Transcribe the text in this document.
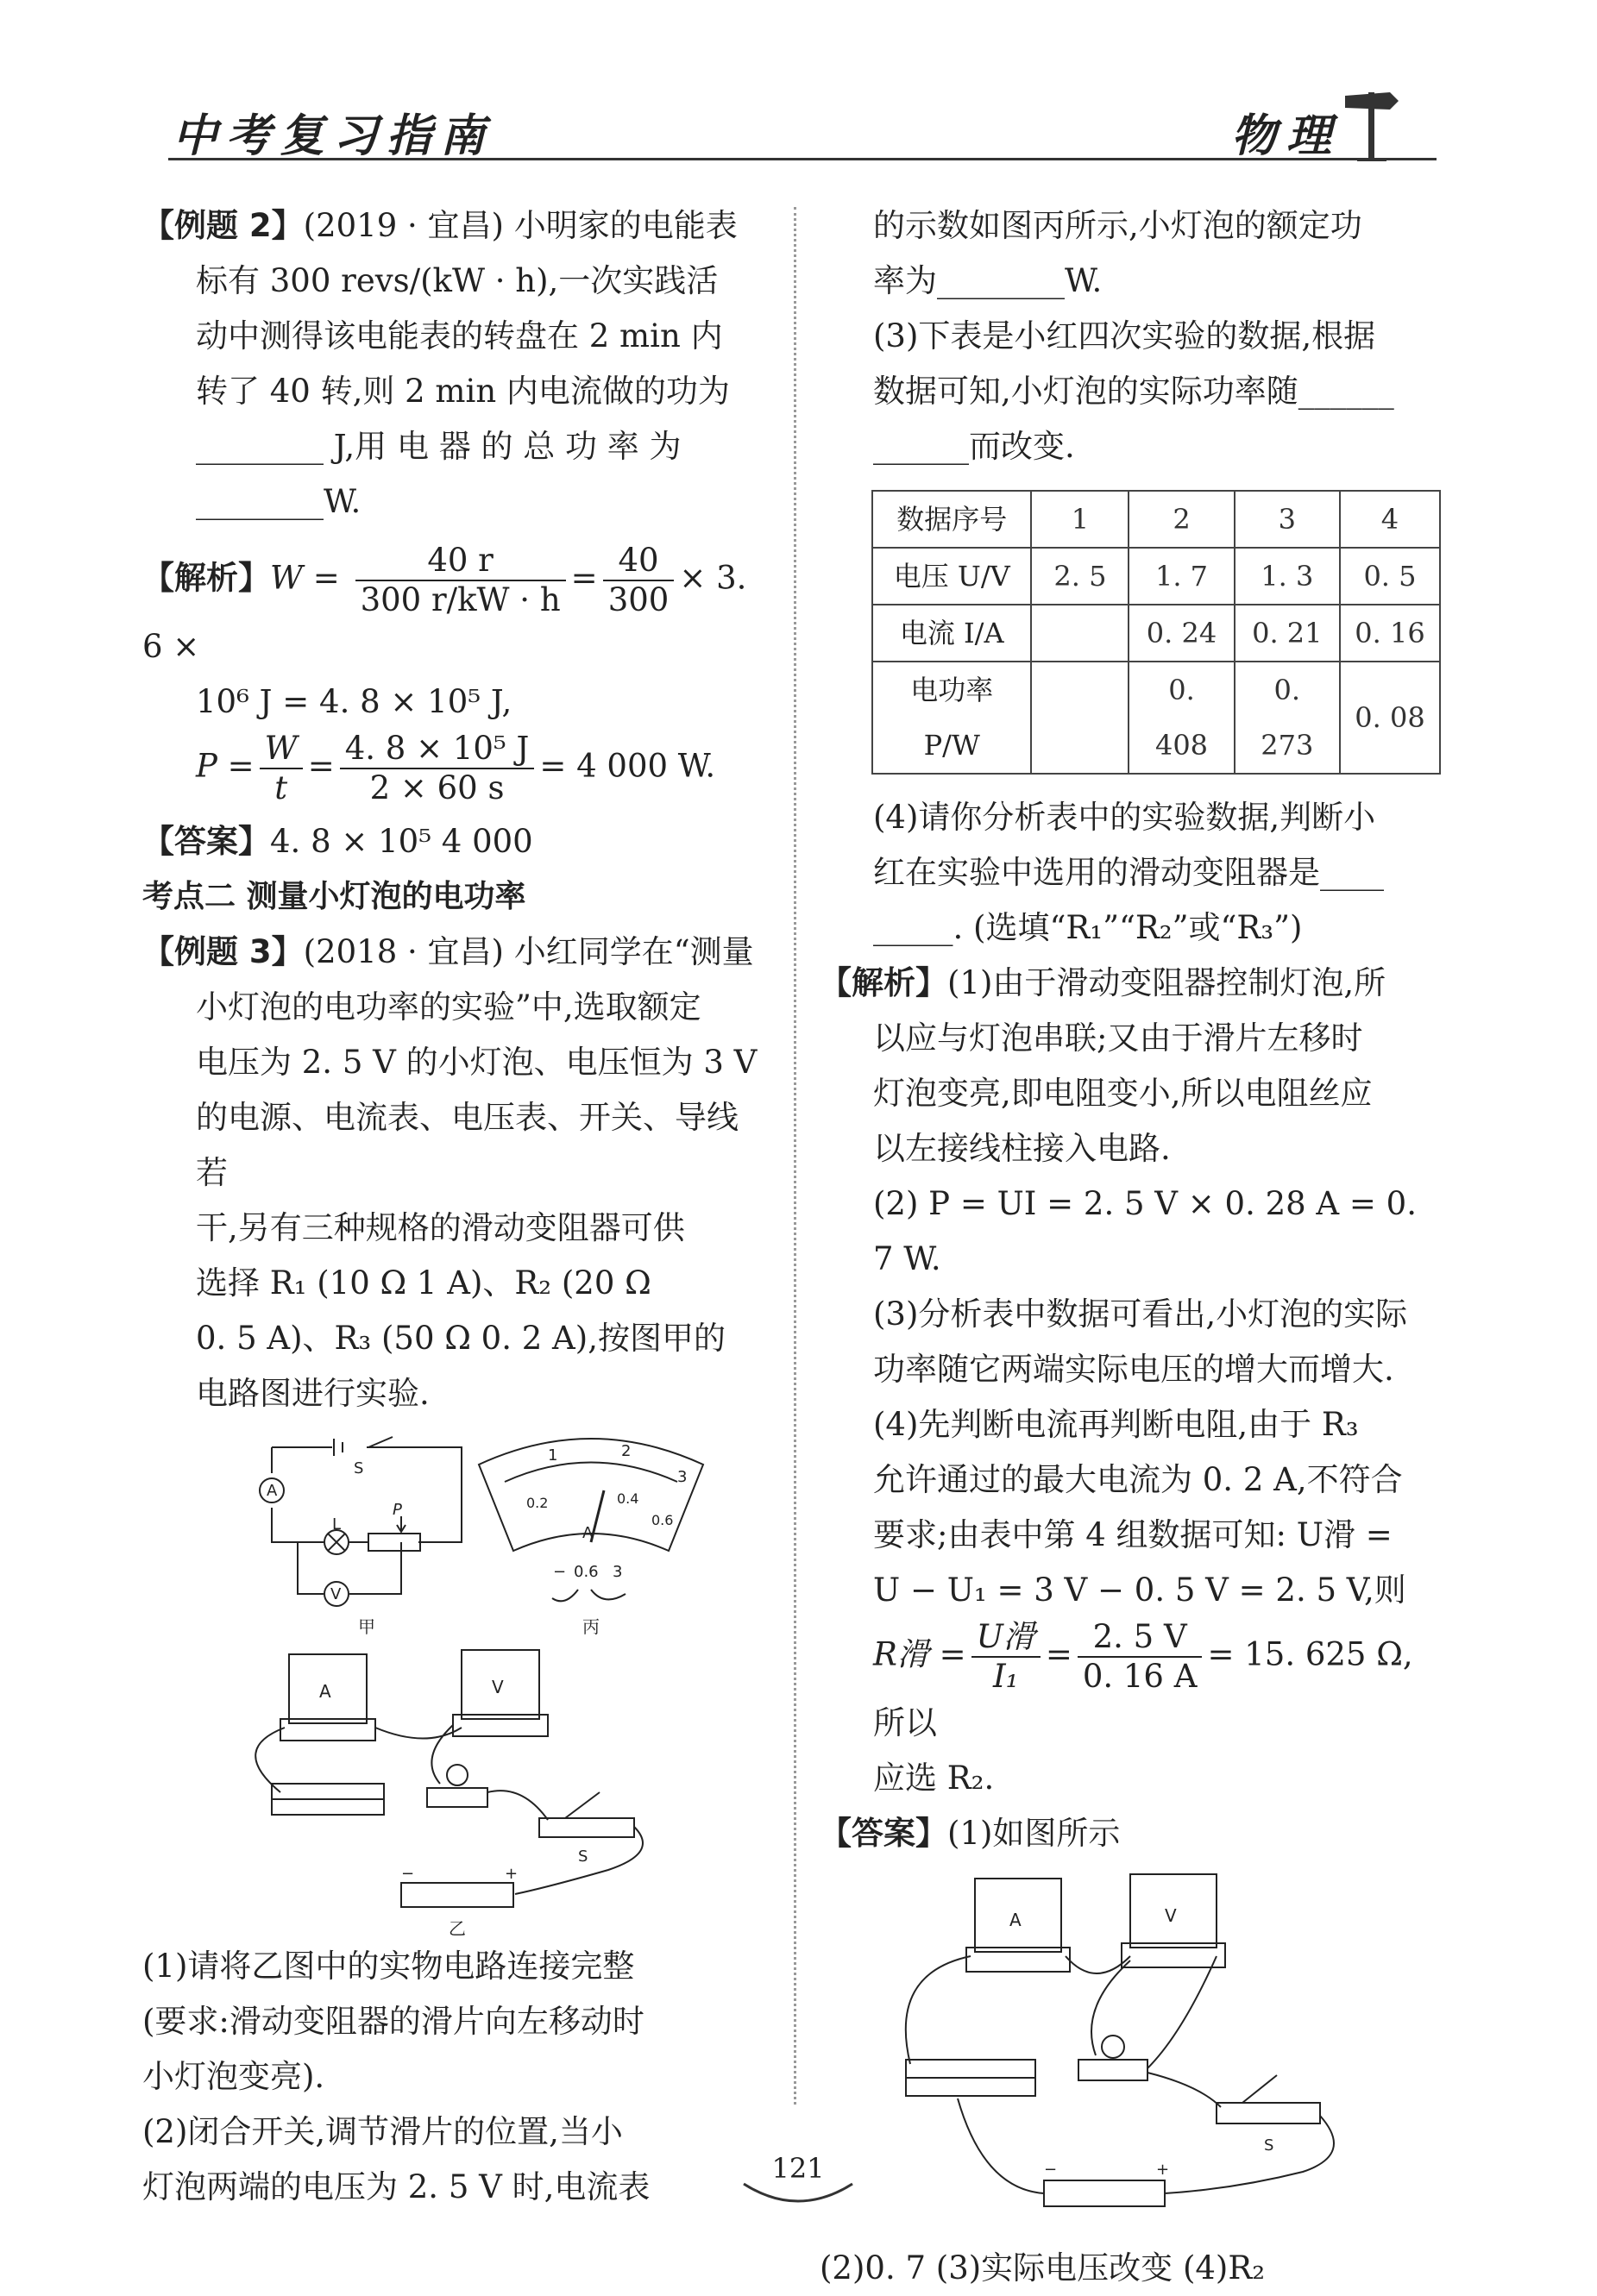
中考复习指南	物理

【例题 2】(2019 · 宜昌) 小明家的电能表

标有 300 revs/(kW · h),一次实践活

动中测得该电能表的转盘在 2 min 内

转了 40 转,则 2 min 内电流做的功为

________ J,用 电 器 的 总 功 率 为

________W.

【解析】$W = \frac{40 r}{300 r/kW \cdot h} = \frac{40}{300} \times 3$. 6 ×

10⁶ J = 4. 8 × 10⁵ J,

$P = \frac{W}{t} = \frac{\text{4. 8 × 10⁵ J}}{2 \times 60 s} = 4$ 000 W.

【答案】4. 8 × 10⁵ 4 000

考点二 测量小灯泡的电功率

【例题 3】(2018 · 宜昌) 小红同学在“测量

小灯泡的电功率的实验”中,选取额定

电压为 2. 5 V 的小灯泡、电压恒为 3 V

的电源、电流表、电压表、开关、导线若

干,另有三种规格的滑动变阻器可供

选择 R₁ (10 Ω 1 A)、R₂ (20 Ω

0. 5 A)、R₃ (50 Ω 0. 2 A),按图甲的

电路图进行实验.

A
V
S
L
P
甲
1	2
3
0.2	0.4
0.6
A
− 0.6 3
丙
A	V
S
−	+
乙

(1)请将乙图中的实物电路连接完整

(要求:滑动变阻器的滑片向左移动时

小灯泡变亮).

(2)闭合开关,调节滑片的位置,当小

灯泡两端的电压为 2. 5 V 时,电流表

的示数如图丙所示,小灯泡的额定功

率为________W.

(3)下表是小红四次实验的数据,根据

数据可知,小灯泡的实际功率随______

______而改变.

数据序号	1	2	3	4
电压 U/V	2. 5	1. 7	1. 3	0. 5
电流 I/A		0. 24	0. 21	0. 16
电功率 P/W		0. 408	0. 273	0. 08

(4)请你分析表中的实验数据,判断小

红在实验中选用的滑动变阻器是____

_____. (选填“R₁”“R₂”或“R₃”)

【解析】(1)由于滑动变阻器控制灯泡,所

以应与灯泡串联;又由于滑片左移时

灯泡变亮,即电阻变小,所以电阻丝应

以左接线柱接入电路.

(2) P = UI = 2. 5 V × 0. 28 A = 0. 7 W.

(3)分析表中数据可看出,小灯泡的实际

功率随它两端实际电压的增大而增大.

(4)先判断电流再判断电阻,由于 R₃

允许通过的最大电流为 0. 2 A,不符合

要求;由表中第 4 组数据可知: U滑 =

U − U₁ = 3 V − 0. 5 V = 2. 5 V,则

R滑 = $\frac{\text{U滑}}{\text{I₁}} = \frac{2. 5 V}{0. 16 A} = 15$. 625 Ω,所以

应选 R₂.

【答案】(1)如图所示

A	V
S
−	+

(2)0. 7 (3)实际电压改变 (4)R₂

121
